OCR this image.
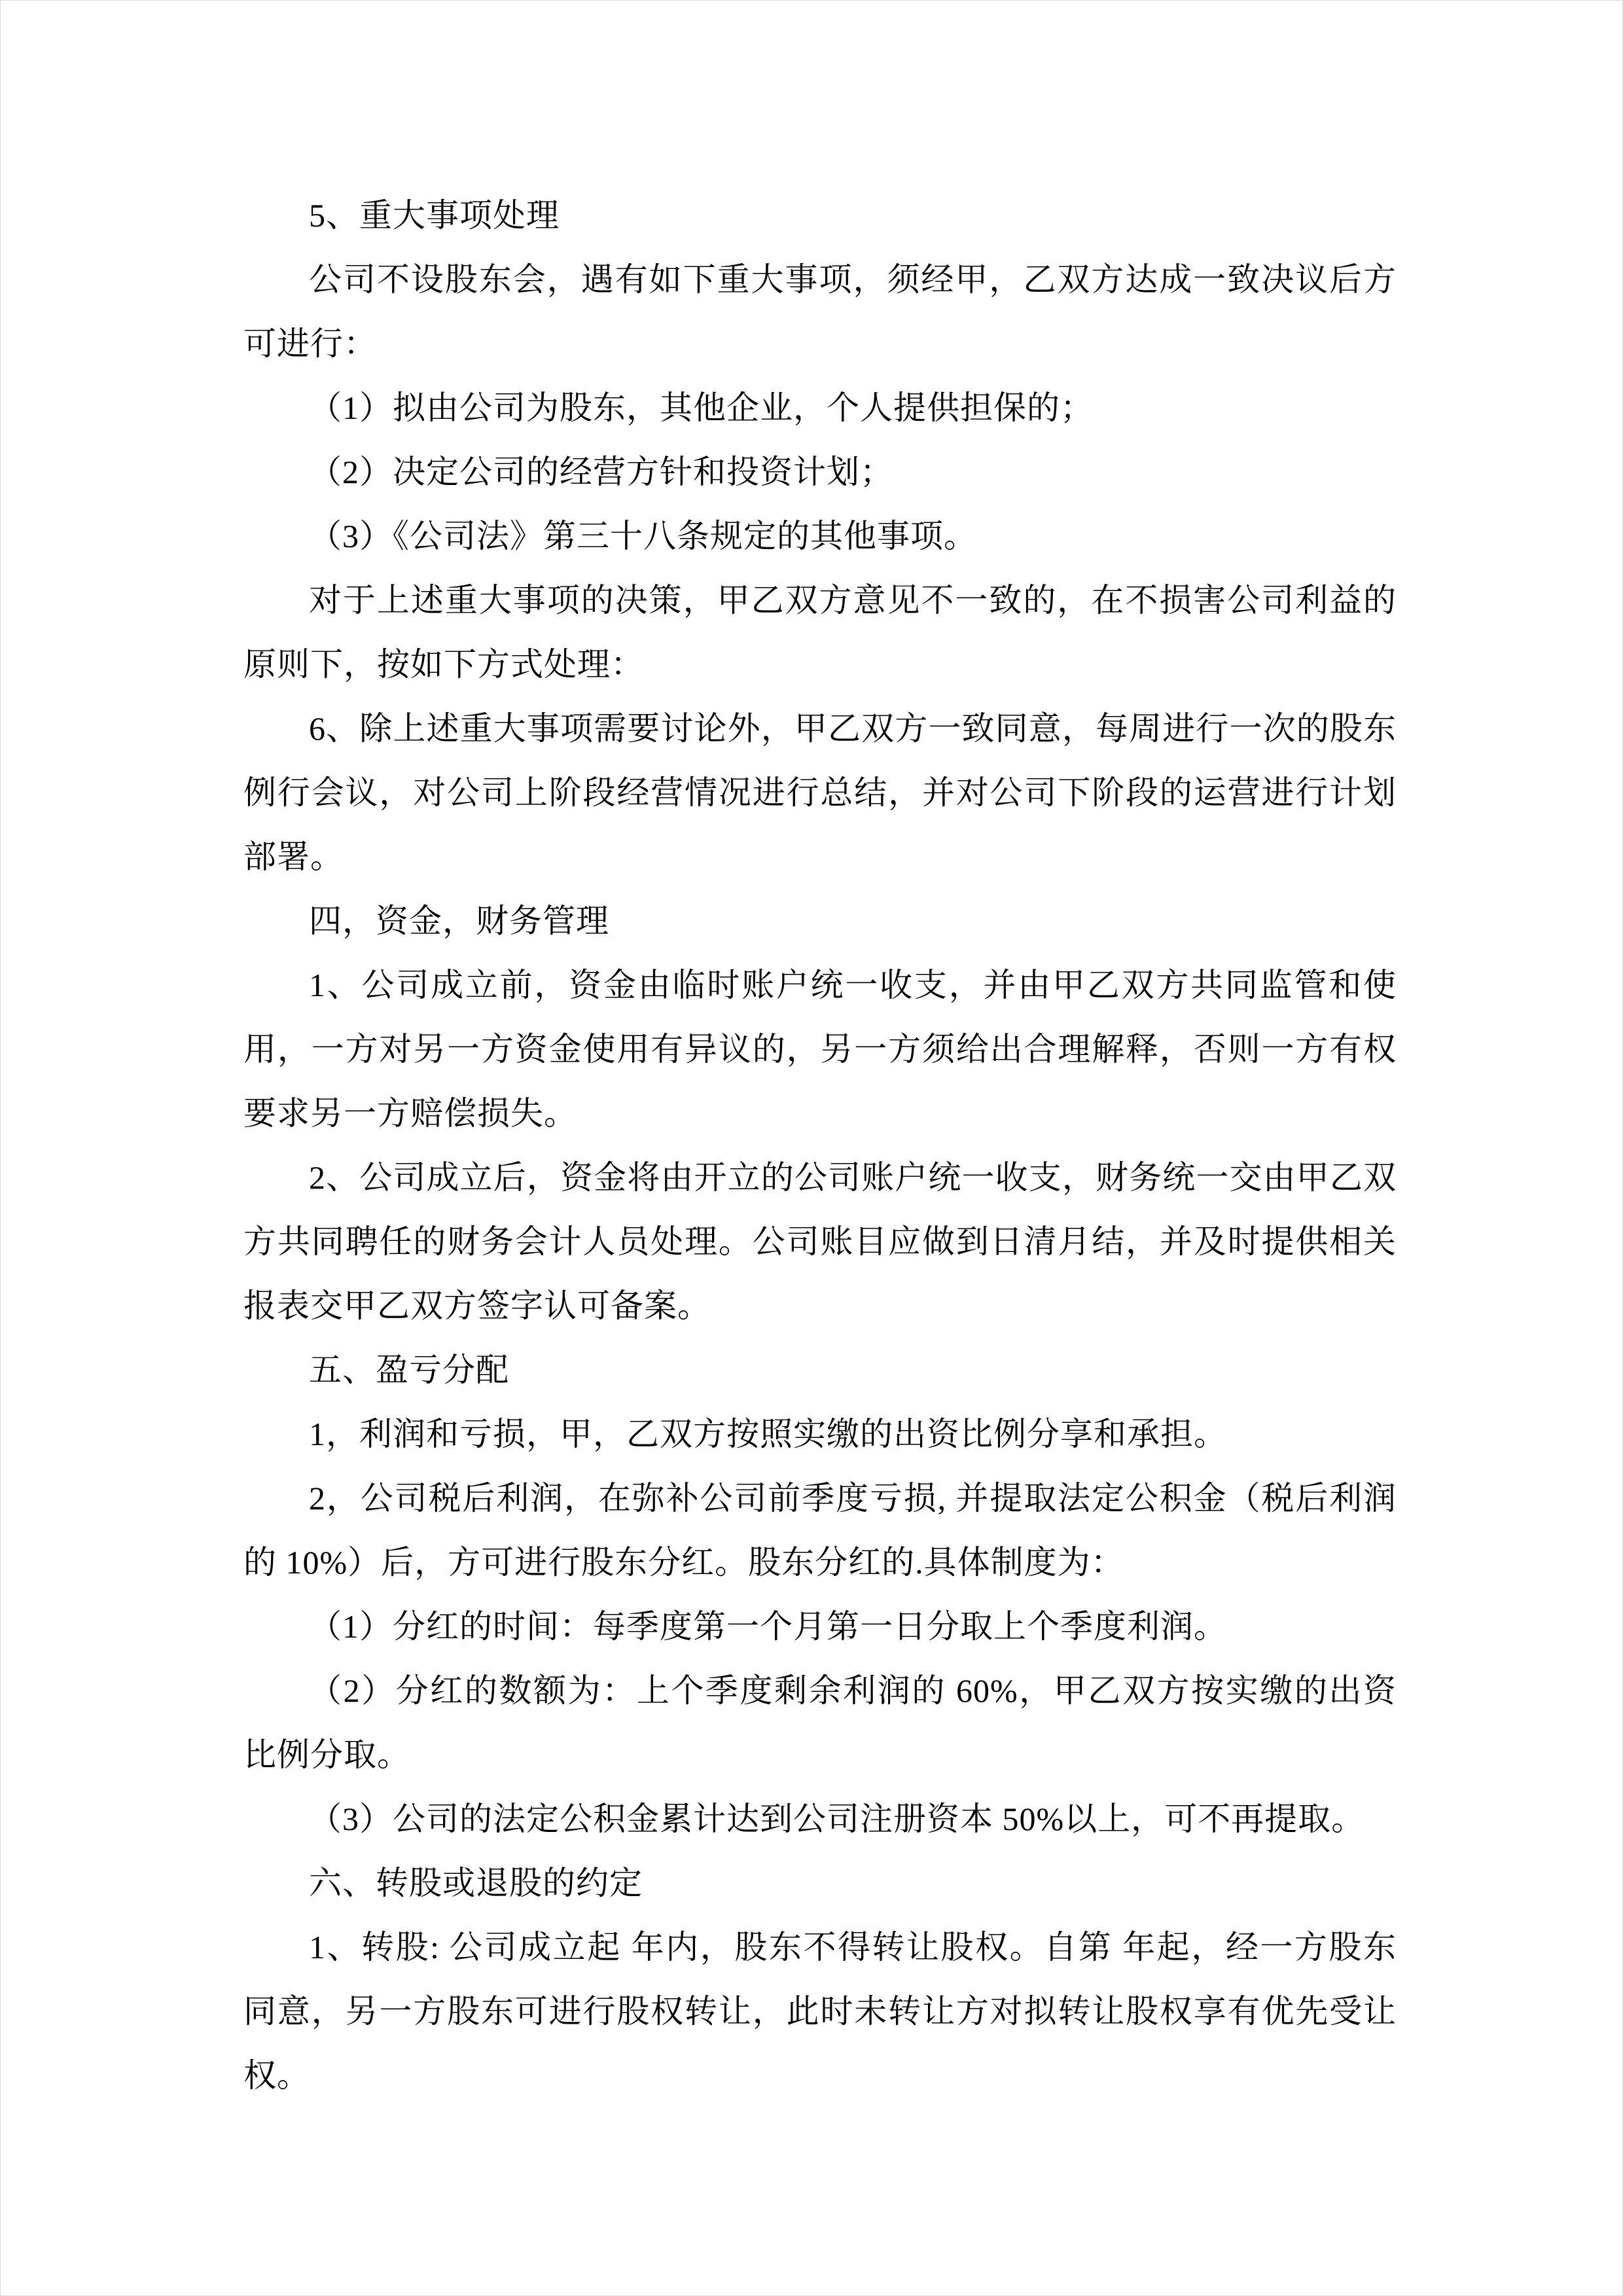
5、重大事项处理

公司不设股东会，遇有如下重大事项，须经甲，乙双方达成一致决议后方可进行：

（1）拟由公司为股东，其他企业，个人提供担保的；

（2）决定公司的经营方针和投资计划；

（3）《公司法》第三十八条规定的其他事项。

对于上述重大事项的决策，甲乙双方意见不一致的，在不损害公司利益的原则下，按如下方式处理：

6、除上述重大事项需要讨论外，甲乙双方一致同意，每周进行一次的股东例行会议，对公司上阶段经营情况进行总结，并对公司下阶段的运营进行计划部署。

四，资金，财务管理

1、公司成立前，资金由临时账户统一收支，并由甲乙双方共同监管和使用，一方对另一方资金使用有异议的，另一方须给出合理解释，否则一方有权要求另一方赔偿损失。

2、公司成立后，资金将由开立的公司账户统一收支，财务统一交由甲乙双方共同聘任的财务会计人员处理。公司账目应做到日清月结，并及时提供相关报表交甲乙双方签字认可备案。

五、盈亏分配

1，利润和亏损，甲，乙双方按照实缴的出资比例分享和承担。

2，公司税后利润，在弥补公司前季度亏损, 并提取法定公积金（税后利润的 10%）后，方可进行股东分红。股东分红的.具体制度为：

（1）分红的时间：每季度第一个月第一日分取上个季度利润。

（2）分红的数额为：上个季度剩余利润的 60%，甲乙双方按实缴的出资比例分取。

（3）公司的法定公积金累计达到公司注册资本 50%以上，可不再提取。

六、转股或退股的约定

1、转股: 公司成立起 年内，股东不得转让股权。自第 年起，经一方股东同意，另一方股东可进行股权转让，此时未转让方对拟转让股权享有优先受让权。
